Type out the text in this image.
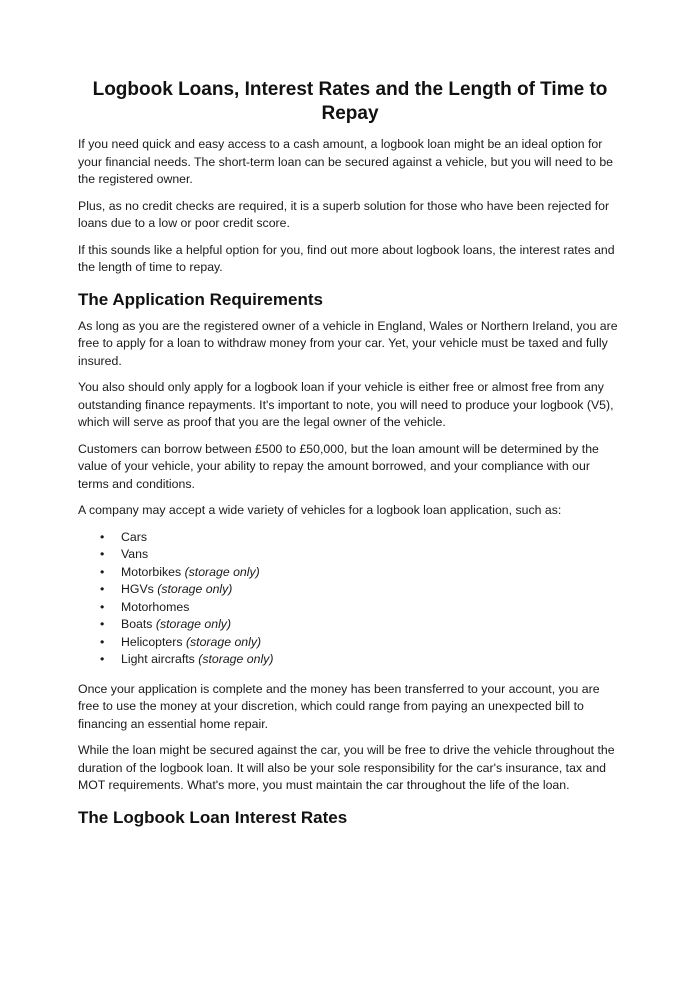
Logbook Loans, Interest Rates and the Length of Time to Repay

If you need quick and easy access to a cash amount, a logbook loan might be an ideal option for your financial needs. The short-term loan can be secured against a vehicle, but you will need to be the registered owner.

Plus, as no credit checks are required, it is a superb solution for those who have been rejected for loans due to a low or poor credit score.

If this sounds like a helpful option for you, find out more about logbook loans, the interest rates and the length of time to repay.

The Application Requirements

As long as you are the registered owner of a vehicle in England, Wales or Northern Ireland, you are free to apply for a loan to withdraw money from your car. Yet, your vehicle must be taxed and fully insured.

You also should only apply for a logbook loan if your vehicle is either free or almost free from any outstanding finance repayments. It's important to note, you will need to produce your logbook (V5), which will serve as proof that you are the legal owner of the vehicle.

Customers can borrow between £500 to £50,000, but the loan amount will be determined by the value of your vehicle, your ability to repay the amount borrowed, and your compliance with our terms and conditions.

A company may accept a wide variety of vehicles for a logbook loan application, such as:

• Cars
• Vans
• Motorbikes (storage only)
• HGVs (storage only)
• Motorhomes
• Boats (storage only)
• Helicopters (storage only)
• Light aircrafts (storage only)

Once your application is complete and the money has been transferred to your account, you are free to use the money at your discretion, which could range from paying an unexpected bill to financing an essential home repair.

While the loan might be secured against the car, you will be free to drive the vehicle throughout the duration of the logbook loan. It will also be your sole responsibility for the car's insurance, tax and MOT requirements. What's more, you must maintain the car throughout the life of the loan.

The Logbook Loan Interest Rates
